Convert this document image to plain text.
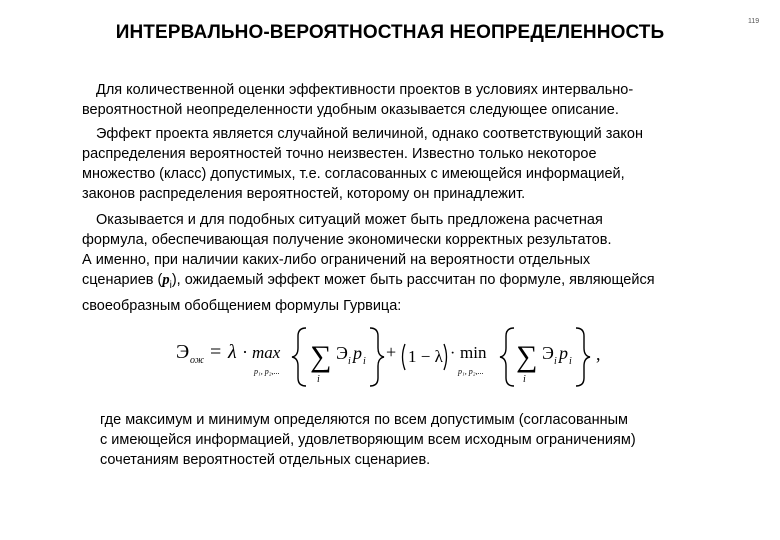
ИНТЕРВАЛЬНО-ВЕРОЯТНОСТНАЯ НЕОПРЕДЕЛЕННОСТЬ
119

Для количественной оценки эффективности проектов в условиях интервально-
вероятностной неопределенности удобным оказывается следующее описание.

Эффект проекта является случайной величиной, однако соответствующий закон
распределения вероятностей точно неизвестен. Известно только некоторое
множество (класс) допустимых, т.е. согласованных с имеющейся информацией,
законов распределения вероятностей, которому он принадлежит.

Оказывается и для подобных ситуаций может быть предложена расчетная
формула, обеспечивающая получение экономически корректных результатов.
А именно, при наличии каких-либо ограничений на вероятности отдельных
сценариев $(p_i)$, ожидаемый эффект может быть рассчитан по формуле, являющейся
своеобразным обобщением формулы Гурвица:

Э ож = λ · max
p₁, p₂,... ∑
i
Э i p i + 1 − λ · min
p₁, p₂,... ∑
i
Э i p i ,

где максимум и минимум определяются по всем допустимым (согласованным
с имеющейся информацией, удовлетворяющим всем исходным ограничениям)
сочетаниям вероятностей отдельных сценариев.
